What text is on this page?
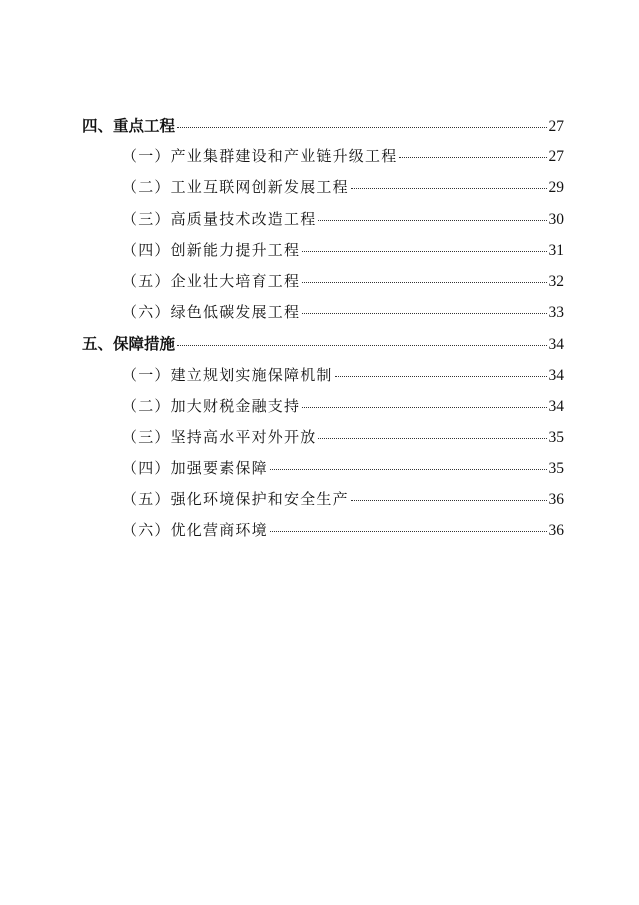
四、重点工程	27
（一）产业集群建设和产业链升级工程	27
（二）工业互联网创新发展工程	29
（三）高质量技术改造工程	30
（四）创新能力提升工程	31
（五）企业壮大培育工程	32
（六）绿色低碳发展工程	33
五、保障措施	34
（一）建立规划实施保障机制	34
（二）加大财税金融支持	34
（三）坚持高水平对外开放	35
（四）加强要素保障	35
（五）强化环境保护和安全生产	36
（六）优化营商环境	36
